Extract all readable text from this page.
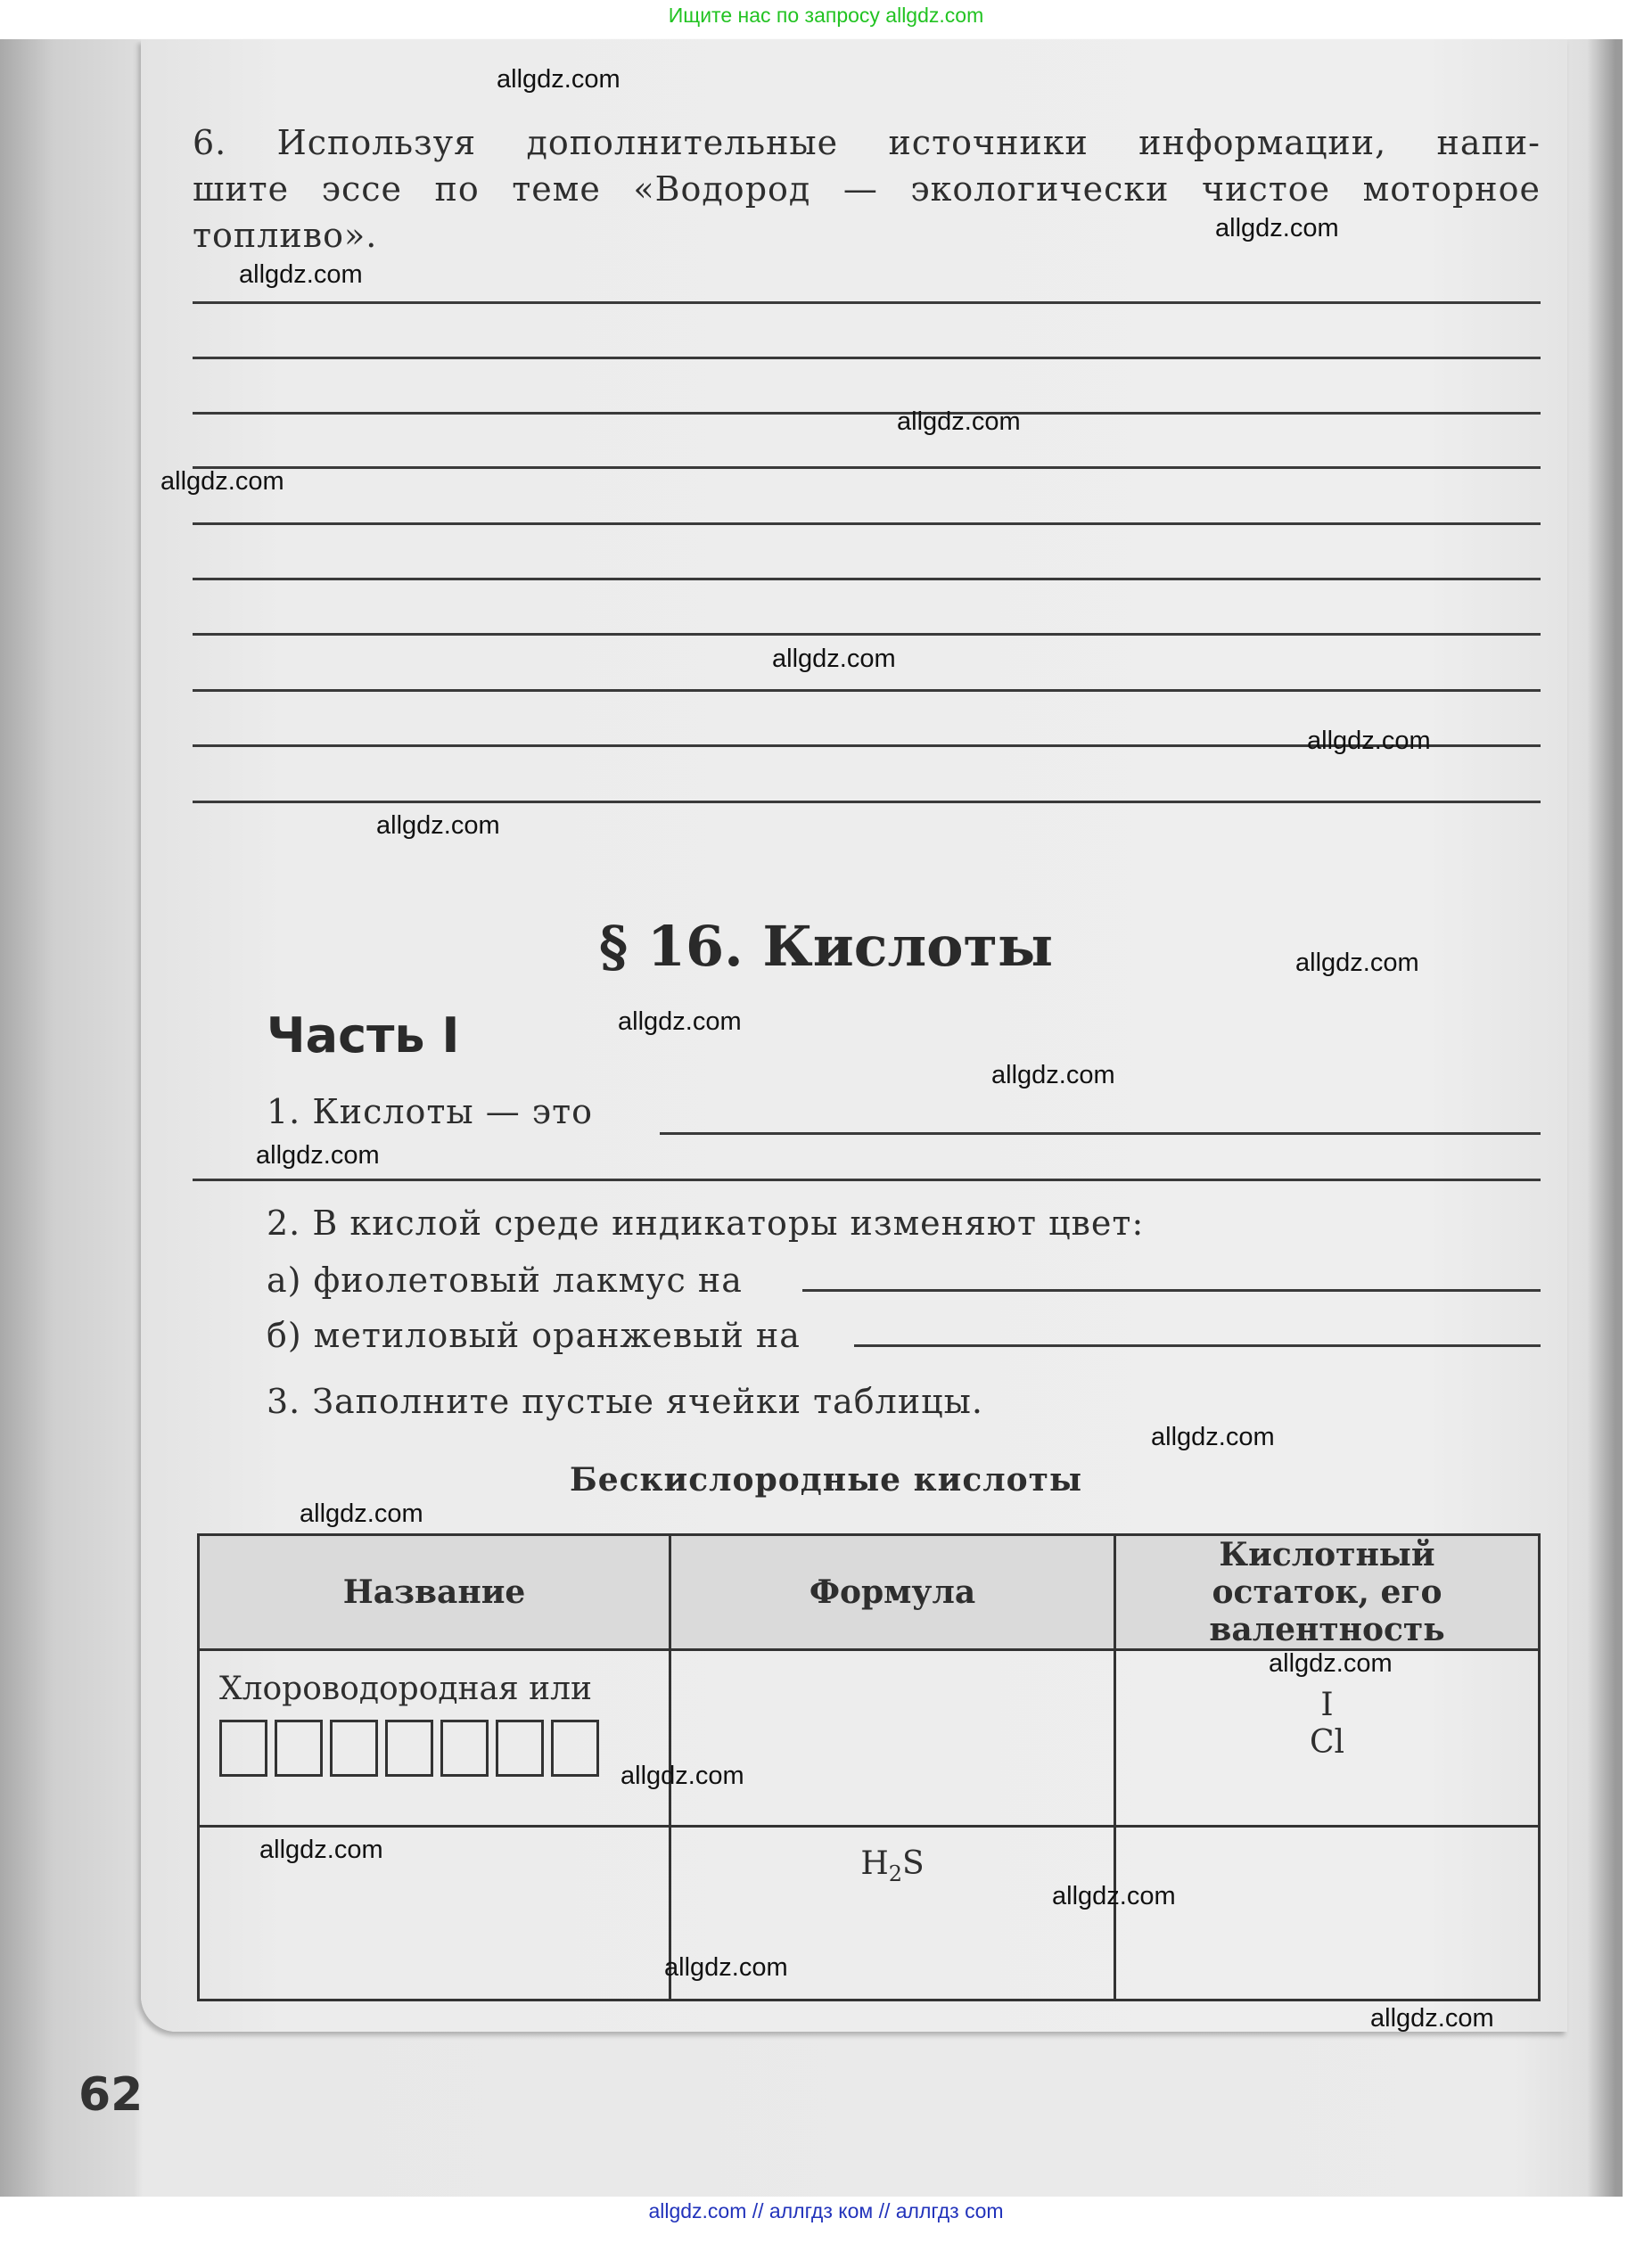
Ищите нас по запросу allgdz.com
6. Используя дополнительные источники информации, напи-
шите эссе по теме «Водород — экологически чистое моторное
топливо».
§ 16. Кислоты
Часть I
1. Кислоты — это
2. В кислой среде индикаторы изменяют цвет:
а) фиолетовый лакмус на
б) метиловый оранжевый на
3. Заполните пустые ячейки таблицы.
Бескислородные кислоты
Название	Формула	Кислотный остаток, его валентность

Хлороводородная или		I
Cl

	$H_2S$	
62
allgdz.com
allgdz.com
allgdz.com
allgdz.com
allgdz.com
allgdz.com
allgdz.com
allgdz.com
allgdz.com
allgdz.com
allgdz.com
allgdz.com
allgdz.com
allgdz.com
allgdz.com
allgdz.com
allgdz.com
allgdz.com
allgdz.com
allgdz.com
allgdz.com // аллгдз ком // аллгдз com
